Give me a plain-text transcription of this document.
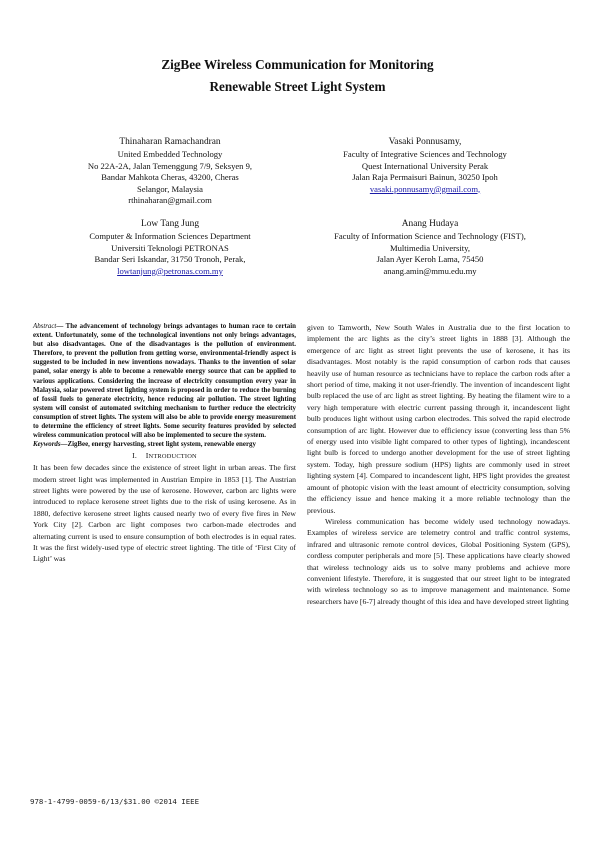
ZigBee Wireless Communication for Monitoring
Renewable Street Light System
Thinaharan Ramachandran
United Embedded Technology
No 22A-2A, Jalan Temenggung 7/9, Seksyen 9,
Bandar Mahkota Cheras, 43200, Cheras
Selangor, Malaysia
rthinaharan@gmail.com
Vasaki Ponnusamy,
Faculty of Integrative Sciences and Technology
Quest International University Perak
Jalan Raja Permaisuri Bainun, 30250 Ipoh
vasaki.ponnusamy@gmail.com,
Low Tang Jung
Computer & Information Sciences Department
Universiti Teknologi PETRONAS
Bandar Seri Iskandar, 31750 Tronoh, Perak,
lowtanjung@petronas.com.my
Anang Hudaya
Faculty of Information Science and Technology (FIST),
Multimedia University,
Jalan Ayer Keroh Lama, 75450
anang.amin@mmu.edu.my

Abstract— The advancement of technology brings advantages to human race to certain extent. Unfortunately, some of the technological inventions not only brings advantages, but also disadvantages. One of the disadvantages is the pollution of environment. Therefore, to prevent the pollution from getting worse, environmental-friendly aspect is suggested to be included in new inventions nowadays. Thanks to the invention of solar panel, solar energy is able to become a renewable energy source that can be applied to various applications. Considering the increase of electricity consumption every year in Malaysia, solar powered street lighting system is proposed in order to reduce the burning of fossil fuels to generate electricity, hence reducing air pollution. The street lighting system will consist of automated switching mechanism to further reduce the electricity consumption of street lights. The system will also be able to provide energy measurement to determine the efficiency of street lights. Some security features provided by selected wireless communication protocol will also be implemented to secure the system.

Keywords—ZigBee, energy harvesting, street light system, renewable energy

I. INTRODUCTION

It has been few decades since the existence of street light in urban areas. The first modern street light was implemented in Austrian Empire in 1853 [1]. The Austrian street lights were powered by the use of kerosene. However, carbon arc lights were introduced to replace kerosene street lights due to the risk of using kerosene. As in 1880, defective kerosene street lights caused nearly two of every five fires in New York City [2]. Carbon arc light composes two carbon-made electrodes and alternating current is used to ensure consumption of both electrodes is in equal rates. It was the first widely-used type of electric street lighting. The title of ‘First City of Light’ was

given to Tamworth, New South Wales in Australia due to the first location to implement the arc lights as the city’s street lights in 1888 [3]. Although the emergence of arc light as street light prevents the use of kerosene, it has its disadvantages. Most notably is the rapid consumption of carbon rods that causes heavily use of human resource as technicians have to replace the carbon rods after a short period of time, making it not user-friendly. The invention of incandescent light bulb replaced the use of arc light as street lighting. By heating the filament wire to a very high temperature with electric current passing through it, incandescent light bulb produces light without using carbon electrodes. This solved the rapid electrode consumption of arc light. However due to efficiency issue (converting less than 5% of energy used into visible light compared to other types of lighting), incandescent light bulb is forced to undergo another development for the use of street lighting system. Today, high pressure sodium (HPS) lights are commonly used in street lighting system [4]. Compared to incandescent light, HPS light provides the greatest amount of photopic vision with the least amount of electricity consumption, solving the efficiency issue and hence making it a more reliable technology than the previous.

Wireless communication has become widely used technology nowadays. Examples of wireless service are telemetry control and traffic control systems, infrared and ultrasonic remote control devices, Global Positioning System (GPS), cordless computer peripherals and more [5]. These applications have clearly showed that wireless technology aids us to solve many problems and achieve more convenient lifestyle. Therefore, it is suggested that our street light to be integrated with wireless technology so as to improve management and maintenance. Some researchers have [6-7] already thought of this idea and have developed street lighting

978-1-4799-0059-6/13/$31.00 ©2014 IEEE
